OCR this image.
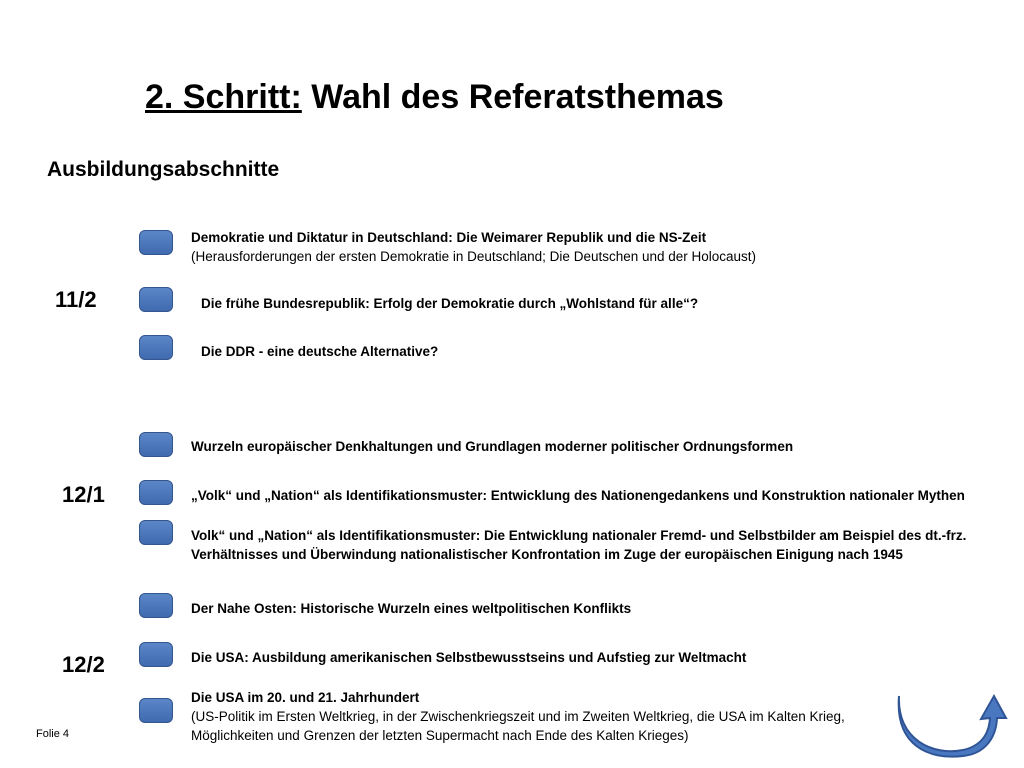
2. Schritt: Wahl des Referatsthemas
Ausbildungsabschnitte
11/2
12/1
12/2
Demokratie und Diktatur in Deutschland: Die Weimarer Republik und die NS-Zeit
(Herausforderungen der ersten Demokratie in Deutschland; Die Deutschen und der Holocaust)
Die frühe Bundesrepublik: Erfolg der Demokratie durch „Wohlstand für alle“?
Die DDR - eine deutsche Alternative?
Wurzeln europäischer Denkhaltungen und Grundlagen moderner politischer Ordnungsformen
„Volk“ und „Nation“ als Identifikationsmuster: Entwicklung des Nationengedankens und Konstruktion nationaler Mythen
Volk“ und „Nation“ als Identifikationsmuster: Die Entwicklung nationaler Fremd- und Selbstbilder am Beispiel des dt.-frz.
Verhältnisses und Überwindung nationalistischer Konfrontation im Zuge der europäischen Einigung nach 1945
Der Nahe Osten: Historische Wurzeln eines weltpolitischen Konflikts
Die USA: Ausbildung amerikanischen Selbstbewusstseins und Aufstieg zur Weltmacht
Die USA im 20. und 21. Jahrhundert
(US-Politik im Ersten Weltkrieg, in der Zwischenkriegszeit und im Zweiten Weltkrieg, die USA im Kalten Krieg,
Möglichkeiten und Grenzen der letzten Supermacht nach Ende des Kalten Krieges)
Folie 4
